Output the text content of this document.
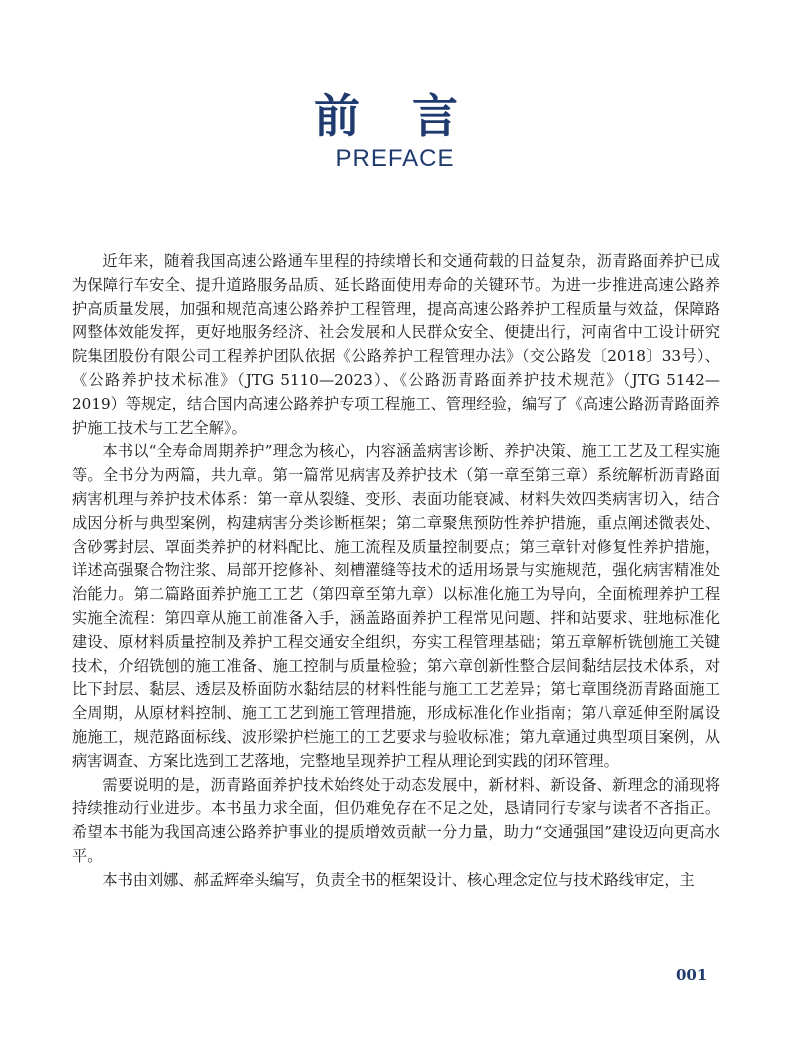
前 言
PREFACE

近年来，随着我国高速公路通车里程的持续增长和交通荷载的日益复杂，沥青路面养护已成为保障行车安全、提升道路服务品质、延长路面使用寿命的关键环节。为进一步推进高速公路养护高质量发展，加强和规范高速公路养护工程管理，提高高速公路养护工程质量与效益，保障路网整体效能发挥，更好地服务经济、社会发展和人民群众安全、便捷出行，河南省中工设计研究院集团股份有限公司工程养护团队依据《公路养护工程管理办法》（交公路发〔2018〕33号）、《公路养护技术标准》（JTG 5110—2023）、《公路沥青路面养护技术规范》（JTG 5142—2019）等规定，结合国内高速公路养护专项工程施工、管理经验，编写了《高速公路沥青路面养护施工技术与工艺全解》。

本书以“全寿命周期养护”理念为核心，内容涵盖病害诊断、养护决策、施工工艺及工程实施等。全书分为两篇，共九章。第一篇常见病害及养护技术（第一章至第三章）系统解析沥青路面病害机理与养护技术体系：第一章从裂缝、变形、表面功能衰减、材料失效四类病害切入，结合成因分析与典型案例，构建病害分类诊断框架；第二章聚焦预防性养护措施，重点阐述微表处、含砂雾封层、罩面类养护的材料配比、施工流程及质量控制要点；第三章针对修复性养护措施，详述高强聚合物注浆、局部开挖修补、刻槽灌缝等技术的适用场景与实施规范，强化病害精准处治能力。第二篇路面养护施工工艺（第四章至第九章）以标准化施工为导向，全面梳理养护工程实施全流程：第四章从施工前准备入手，涵盖路面养护工程常见问题、拌和站要求、驻地标准化建设、原材料质量控制及养护工程交通安全组织，夯实工程管理基础；第五章解析铣刨施工关键技术，介绍铣刨的施工准备、施工控制与质量检验；第六章创新性整合层间黏结层技术体系，对比下封层、黏层、透层及桥面防水黏结层的材料性能与施工工艺差异；第七章围绕沥青路面施工全周期，从原材料控制、施工工艺到施工管理措施，形成标准化作业指南；第八章延伸至附属设施施工，规范路面标线、波形梁护栏施工的工艺要求与验收标准；第九章通过典型项目案例，从病害调查、方案比选到工艺落地，完整地呈现养护工程从理论到实践的闭环管理。

需要说明的是，沥青路面养护技术始终处于动态发展中，新材料、新设备、新理念的涌现将持续推动行业进步。本书虽力求全面，但仍难免存在不足之处，恳请同行专家与读者不吝指正。希望本书能为我国高速公路养护事业的提质增效贡献一分力量，助力“交通强国”建设迈向更高水平。

本书由刘娜、郝孟辉牵头编写，负责全书的框架设计、核心理念定位与技术路线审定，主

001
